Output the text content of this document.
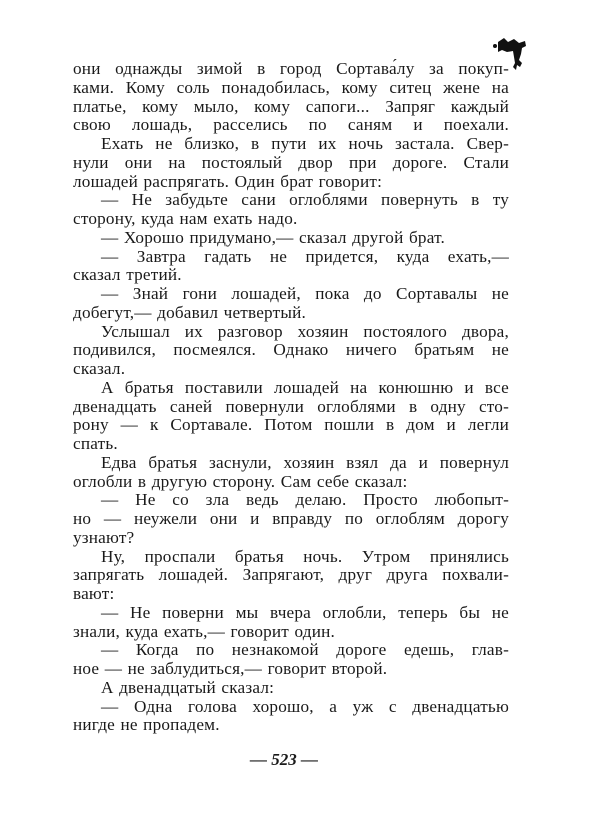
они однажды зимой в город Сортава́лу за покуп-
ками. Кому соль понадобилась, кому ситец жене на
платье, кому мыло, кому сапоги... Запряг каждый
свою лошадь, расселись по саням и поехали.
Ехать не близко, в пути их ночь застала. Свер-
нули они на постоялый двор при дороге. Стали
лошадей распрягать. Один брат говорит:
— Не забудьте сани оглоблями повернуть в ту
сторону, куда нам ехать надо.
— Хорошо придумано,— сказал другой брат.
— Завтра гадать не придется, куда ехать,—
сказал третий.
— Знай гони лошадей, пока до Сортавалы не
добегут,— добавил четвертый.
Услышал их разговор хозяин постоялого двора,
подивился, посмеялся. Однако ничего братьям не
сказал.
А братья поставили лошадей на конюшню и все
двенадцать саней повернули оглоблями в одну сто-
рону — к Сортавале. Потом пошли в дом и легли
спать.
Едва братья заснули, хозяин взял да и повернул
оглобли в другую сторону. Сам себе сказал:
— Не со зла ведь делаю. Просто любопыт-
но — неужели они и вправду по оглоблям дорогу
узнают?
Ну, проспали братья ночь. Утром принялись
запрягать лошадей. Запрягают, друг друга похвали-
вают:
— Не поверни мы вчера оглобли, теперь бы не
знали, куда ехать,— говорит один.
— Когда по незнакомой дороге едешь, глав-
ное — не заблудиться,— говорит второй.
А двенадцатый сказал:
— Одна голова хорошо, а уж с двенадцатью
нигде не пропадем.
— 523 —
